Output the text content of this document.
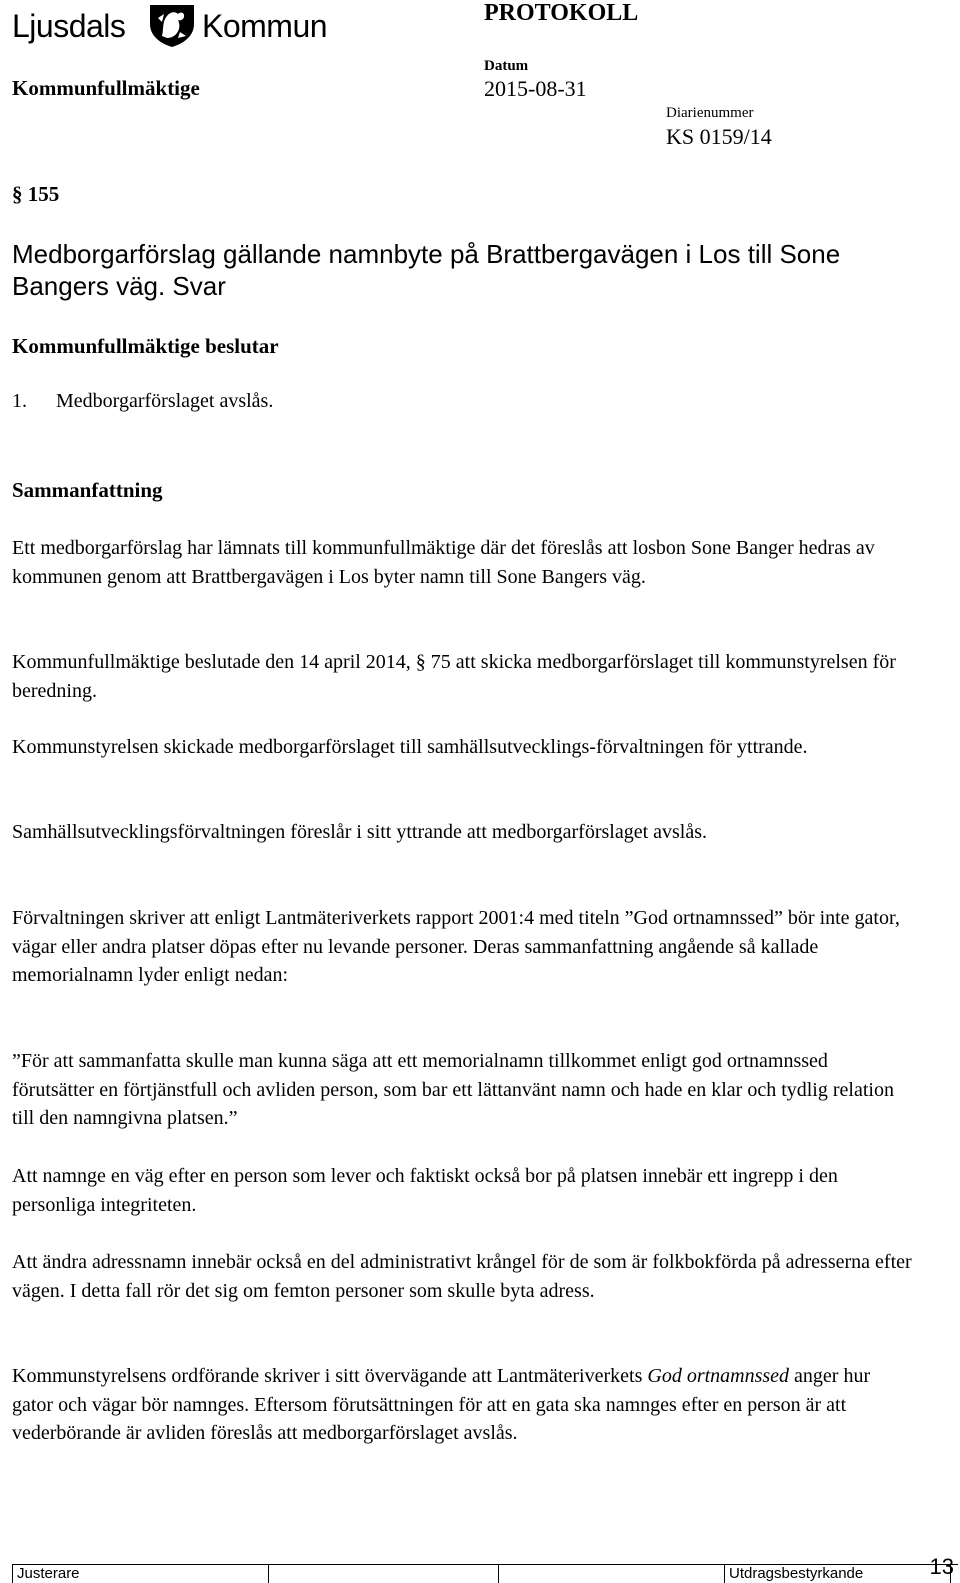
Ljusdals Kommun	PROTOKOLL
Kommunfullmäktige
Datum
2015-08-31
Diarienummer
KS 0159/14
§ 155
Medborgarförslag gällande namnbyte på Brattbergavägen i Los till Sone Bangers väg. Svar
Kommunfullmäktige beslutar
1. Medborgarförslaget avslås.
Sammanfattning

Ett medborgarförslag har lämnats till kommunfullmäktige där det föreslås att losbon Sone Banger hedras av kommunen genom att Brattbergavägen i Los byter namn till Sone Bangers väg.

Kommunfullmäktige beslutade den 14 april 2014, § 75 att skicka medborgarförslaget till kommunstyrelsen för beredning.

Kommunstyrelsen skickade medborgarförslaget till samhällsutvecklings-förvaltningen för yttrande.

Samhällsutvecklingsförvaltningen föreslår i sitt yttrande att medborgarförslaget avslås.

Förvaltningen skriver att enligt Lantmäteriverkets rapport 2001:4 med titeln ”God ortnamnssed” bör inte gator, vägar eller andra platser döpas efter nu levande personer. Deras sammanfattning angående så kallade memorialnamn lyder enligt nedan:

”För att sammanfatta skulle man kunna säga att ett memorialnamn tillkommet enligt god ortnamnssed förutsätter en förtjänstfull och avliden person, som bar ett lättanvänt namn och hade en klar och tydlig relation till den namngivna platsen.”

Att namnge en väg efter en person som lever och faktiskt också bor på platsen innebär ett ingrepp i den personliga integriteten.

Att ändra adressnamn innebär också en del administrativt krångel för de som är folkbokförda på adresserna efter vägen. I detta fall rör det sig om femton personer som skulle byta adress.

Kommunstyrelsens ordförande skriver i sitt övervägande att Lantmäteriverkets God ortnamnssed anger hur gator och vägar bör namnges. Eftersom förutsättningen för att en gata ska namnges efter en person är att vederbörande är avliden föreslås att medborgarförslaget avslås.

Justerare	Utdragsbestyrkande	13
